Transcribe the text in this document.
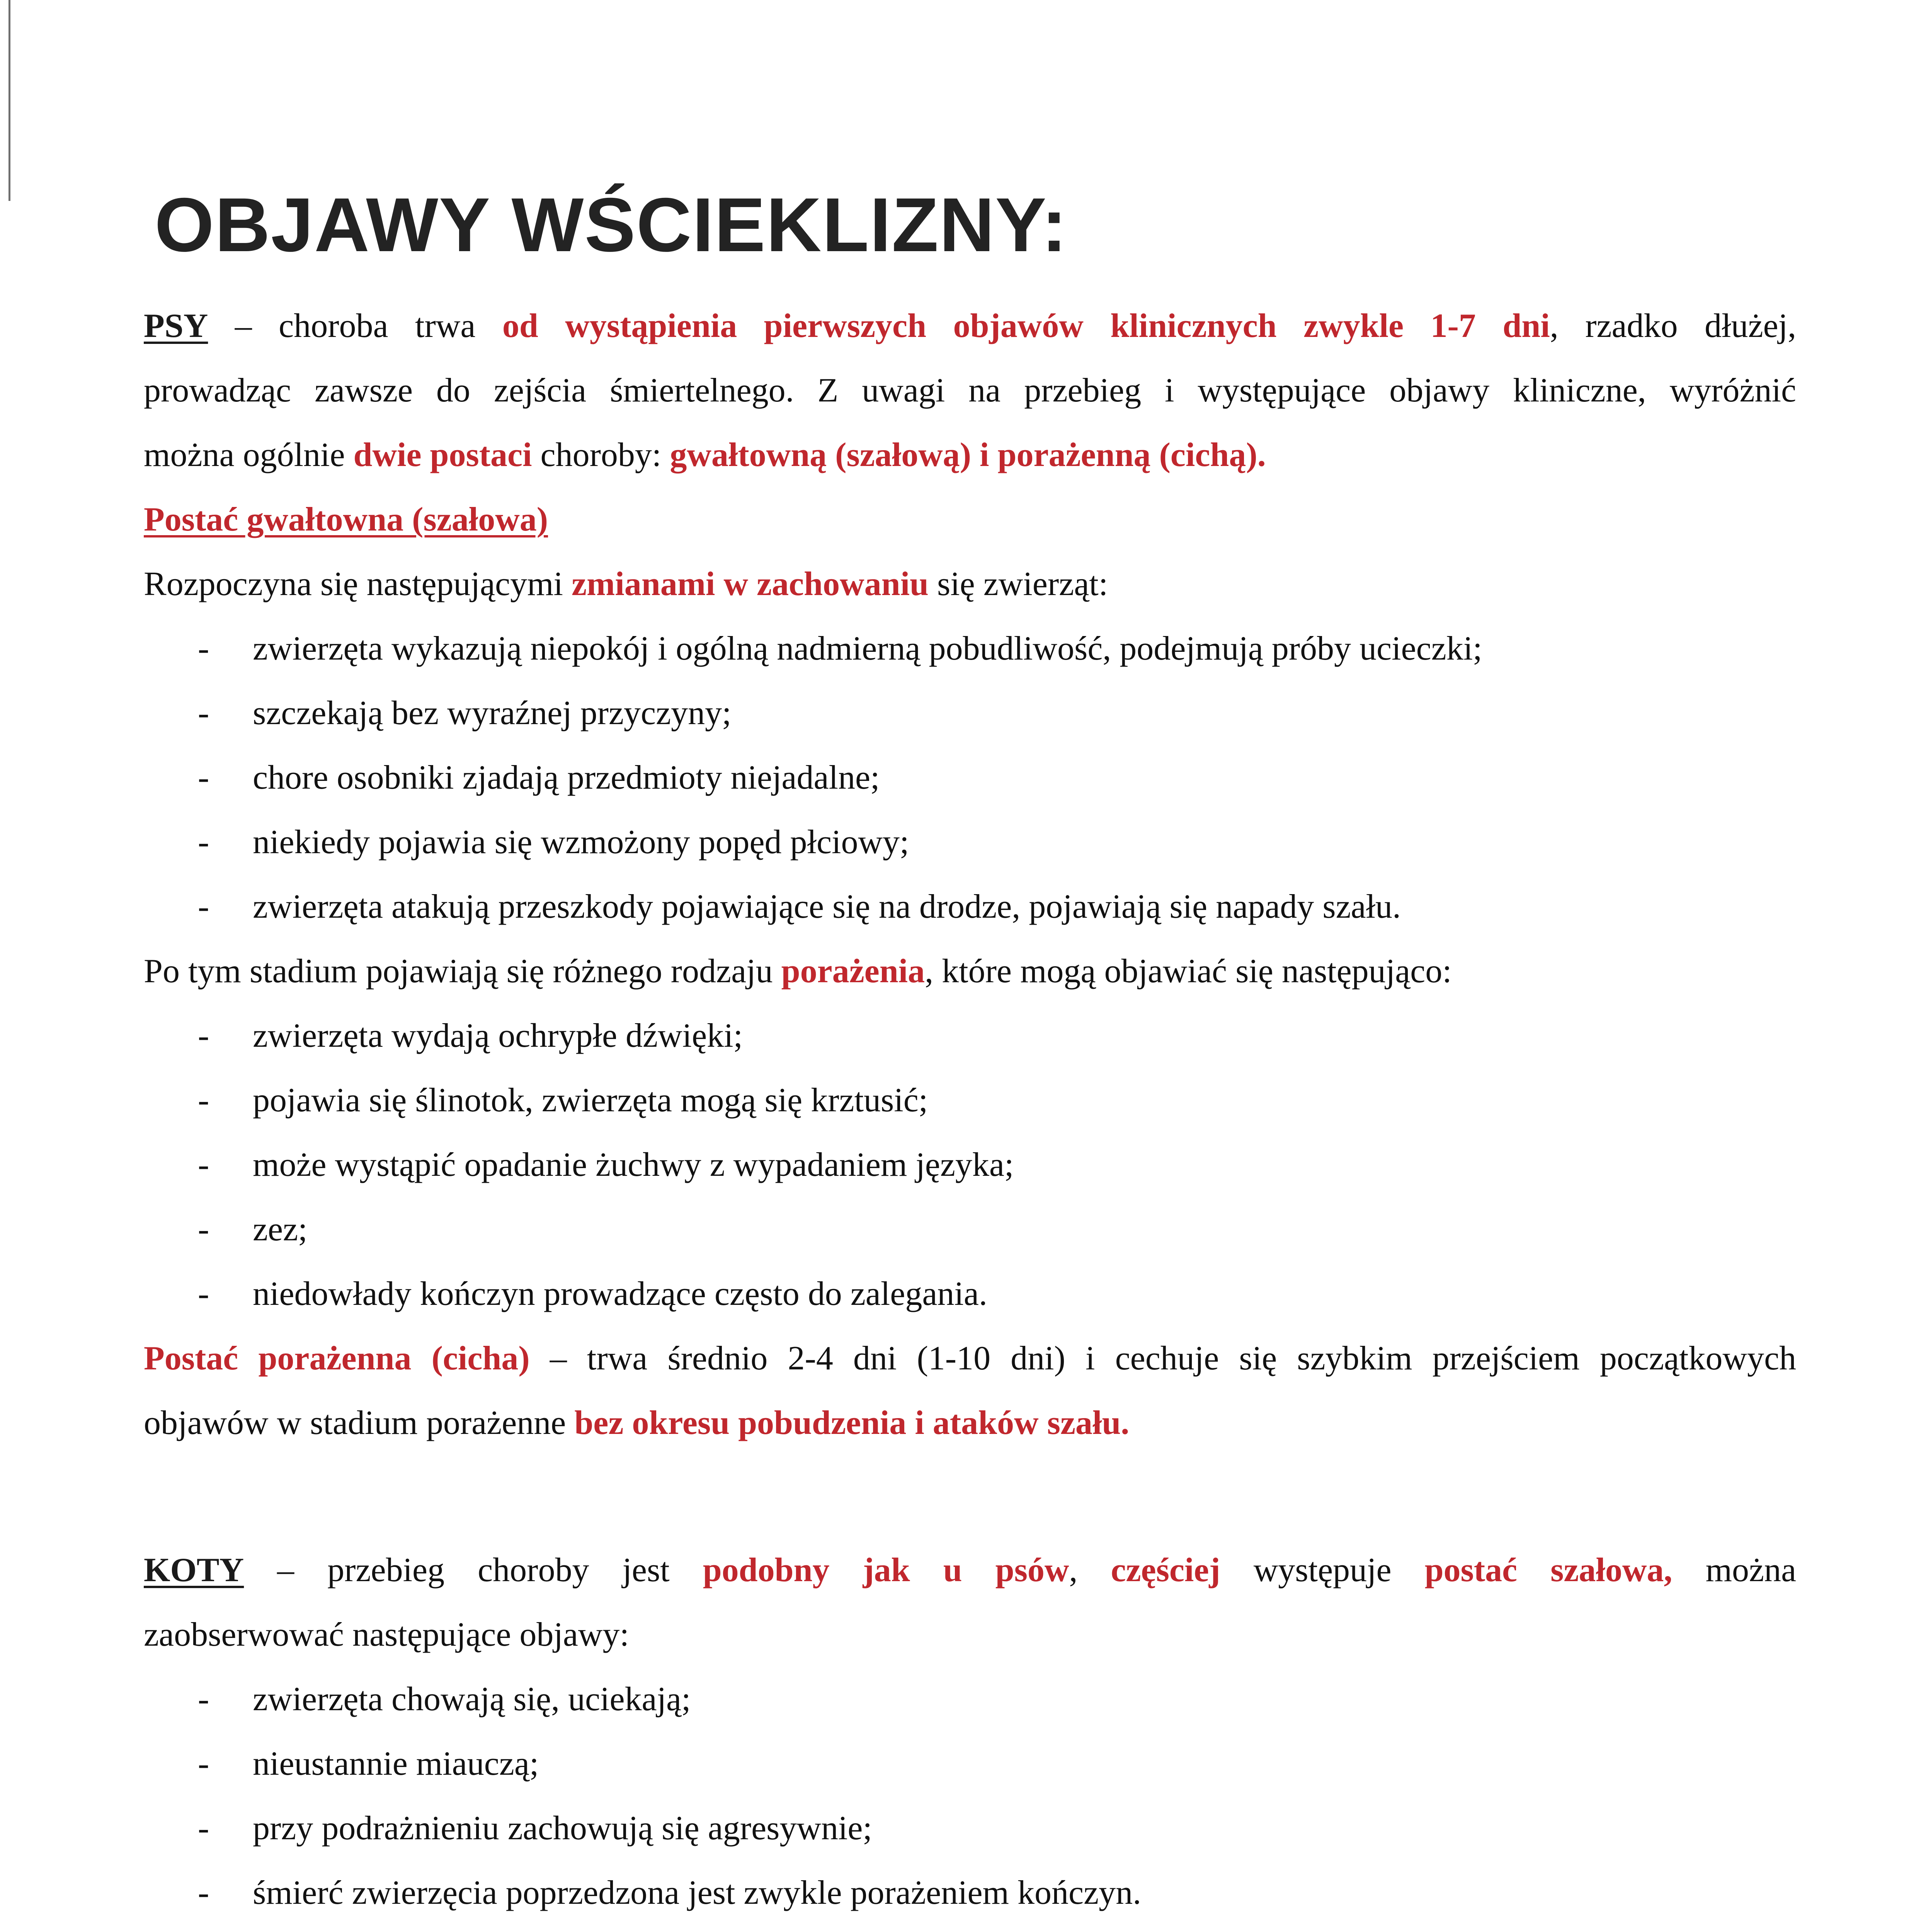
OBJAWY WŚCIEKLIZNY:

PSY – choroba trwa od wystąpienia pierwszych objawów klinicznych zwykle 1-7 dni, rzadko dłużej,

prowadząc zawsze do zejścia śmiertelnego. Z uwagi na przebieg i występujące objawy kliniczne, wyróżnić

można ogólnie dwie postaci choroby: gwałtowną (szałową) i porażenną (cichą).

Postać gwałtowna (szałowa)

Rozpoczyna się następującymi zmianami w zachowaniu się zwierząt:

- zwierzęta wykazują niepokój i ogólną nadmierną pobudliwość, podejmują próby ucieczki;
- szczekają bez wyraźnej przyczyny;
- chore osobniki zjadają przedmioty niejadalne;
- niekiedy pojawia się wzmożony popęd płciowy;
- zwierzęta atakują przeszkody pojawiające się na drodze, pojawiają się napady szału.

Po tym stadium pojawiają się różnego rodzaju porażenia, które mogą objawiać się następująco:

- zwierzęta wydają ochrypłe dźwięki;
- pojawia się ślinotok, zwierzęta mogą się krztusić;
- może wystąpić opadanie żuchwy z wypadaniem języka;
- zez;
- niedowłady kończyn prowadzące często do zalegania.

Postać porażenna (cicha) – trwa średnio 2-4 dni (1-10 dni) i cechuje się szybkim przejściem początkowych

objawów w stadium porażenne bez okresu pobudzenia i ataków szału.

KOTY – przebieg choroby jest podobny jak u psów, częściej występuje postać szałowa, można

zaobserwować następujące objawy:

- zwierzęta chowają się, uciekają;
- nieustannie miauczą;
- przy podrażnieniu zachowują się agresywnie;
- śmierć zwierzęcia poprzedzona jest zwykle porażeniem kończyn.
